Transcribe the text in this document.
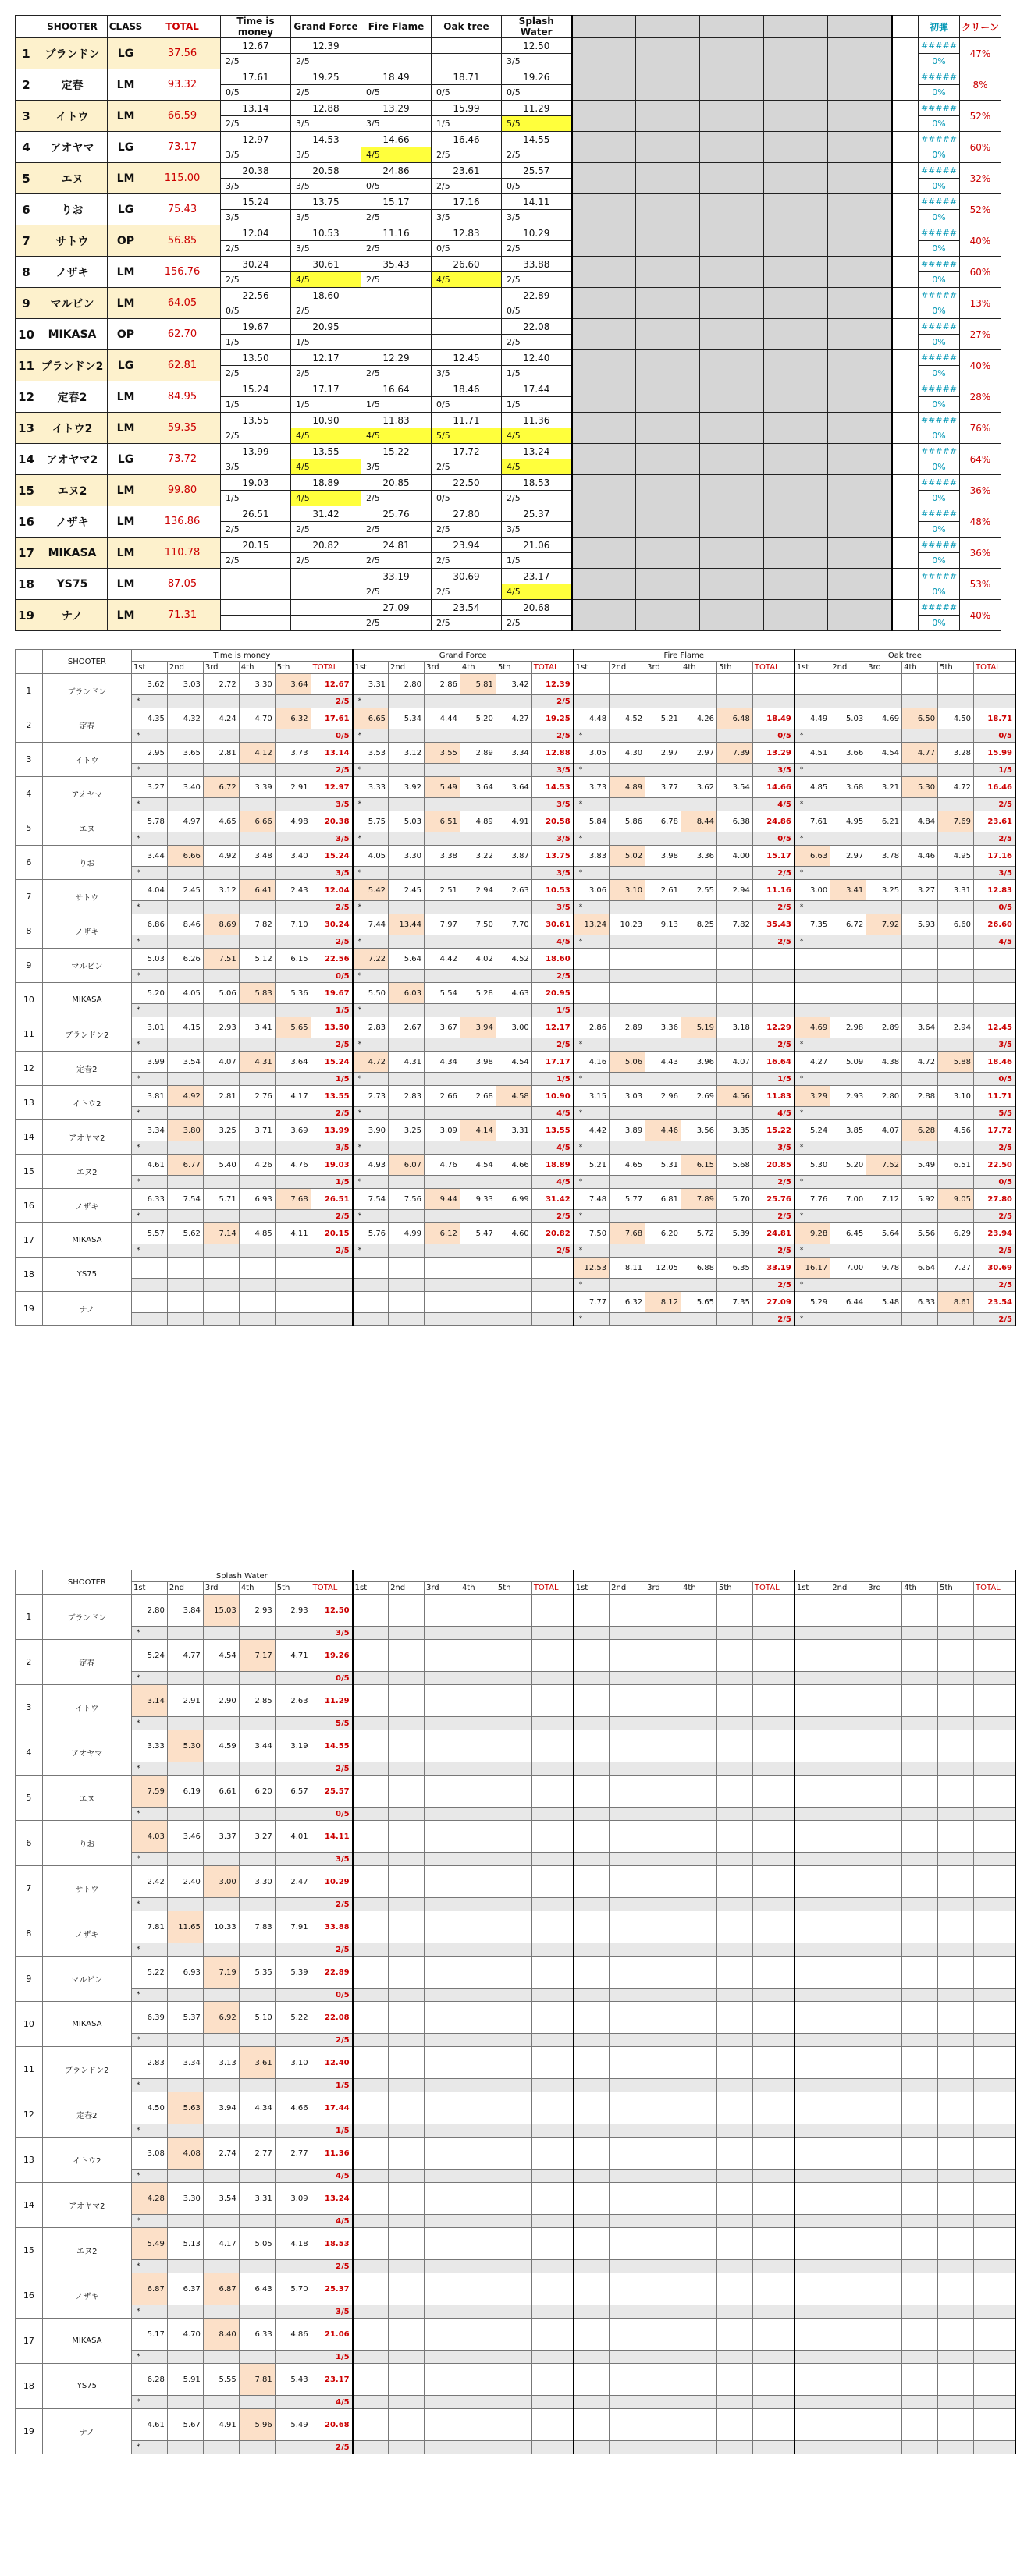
	SHOOTER	CLASS	TOTAL	Time is money	Grand Force	Fire Flame	Oak tree	Splash Water							初弾	クリーン
1	ブランドン	LG	37.56	12.67	12.39			12.50							#####	47%
				2/5	2/5			3/5							0%	
2	定春	LM	93.32	17.61	19.25	18.49	18.71	19.26							#####	8%
				0/5	2/5	0/5	0/5	0/5							0%	
3	イトウ	LM	66.59	13.14	12.88	13.29	15.99	11.29							#####	52%
				2/5	3/5	3/5	1/5	5/5							0%	
4	アオヤマ	LG	73.17	12.97	14.53	14.66	16.46	14.55							#####	60%
				3/5	3/5	4/5	2/5	2/5							0%	
5	エヌ	LM	115.00	20.38	20.58	24.86	23.61	25.57							#####	32%
				3/5	3/5	0/5	2/5	0/5							0%	
6	りお	LG	75.43	15.24	13.75	15.17	17.16	14.11							#####	52%
				3/5	3/5	2/5	3/5	3/5							0%	
7	サトウ	OP	56.85	12.04	10.53	11.16	12.83	10.29							#####	40%
				2/5	3/5	2/5	0/5	2/5							0%	
8	ノザキ	LM	156.76	30.24	30.61	35.43	26.60	33.88							#####	60%
				2/5	4/5	2/5	4/5	2/5							0%	
9	マルビン	LM	64.05	22.56	18.60			22.89							#####	13%
				0/5	2/5			0/5							0%	
10	MIKASA	OP	62.70	19.67	20.95			22.08							#####	27%
				1/5	1/5			2/5							0%	
11	ブランドン2	LG	62.81	13.50	12.17	12.29	12.45	12.40							#####	40%
				2/5	2/5	2/5	3/5	1/5							0%	
12	定春2	LM	84.95	15.24	17.17	16.64	18.46	17.44							#####	28%
				1/5	1/5	1/5	0/5	1/5							0%	
13	イトウ2	LM	59.35	13.55	10.90	11.83	11.71	11.36							#####	76%
				2/5	4/5	4/5	5/5	4/5							0%	
14	アオヤマ2	LG	73.72	13.99	13.55	15.22	17.72	13.24							#####	64%
				3/5	4/5	3/5	2/5	4/5							0%	
15	エヌ2	LM	99.80	19.03	18.89	20.85	22.50	18.53							#####	36%
				1/5	4/5	2/5	0/5	2/5							0%	
16	ノザキ	LM	136.86	26.51	31.42	25.76	27.80	25.37							#####	48%
				2/5	2/5	2/5	2/5	3/5							0%	
17	MIKASA	LM	110.78	20.15	20.82	24.81	23.94	21.06							#####	36%
				2/5	2/5	2/5	2/5	1/5							0%	
18	YS75	LM	87.05			33.19	30.69	23.17							#####	53%
						2/5	2/5	4/5							0%	
19	ナノ	LM	71.31			27.09	23.54	20.68							#####	40%
						2/5	2/5	2/5							0%	
	SHOOTER	Time is money						Grand Force						Fire Flame						Oak tree					
		1st	2nd	3rd	4th	5th	TOTAL	1st	2nd	3rd	4th	5th	TOTAL	1st	2nd	3rd	4th	5th	TOTAL	1st	2nd	3rd	4th	5th	TOTAL
1	ブランドン	3.62	3.03	2.72	3.30	3.64	12.67	3.31	2.80	2.86	5.81	3.42	12.39												
		*					2/5	*					2/5												
2	定春	4.35	4.32	4.24	4.70	6.32	17.61	6.65	5.34	4.44	5.20	4.27	19.25	4.48	4.52	5.21	4.26	6.48	18.49	4.49	5.03	4.69	6.50	4.50	18.71
		*					0/5	*					2/5	*					0/5	*					0/5
3	イトウ	2.95	3.65	2.81	4.12	3.73	13.14	3.53	3.12	3.55	2.89	3.34	12.88	3.05	4.30	2.97	2.97	7.39	13.29	4.51	3.66	4.54	4.77	3.28	15.99
		*					2/5	*					3/5	*					3/5	*					1/5
4	アオヤマ	3.27	3.40	6.72	3.39	2.91	12.97	3.33	3.92	5.49	3.64	3.64	14.53	3.73	4.89	3.77	3.62	3.54	14.66	4.85	3.68	3.21	5.30	4.72	16.46
		*					3/5	*					3/5	*					4/5	*					2/5
5	エヌ	5.78	4.97	4.65	6.66	4.98	20.38	5.75	5.03	6.51	4.89	4.91	20.58	5.84	5.86	6.78	8.44	6.38	24.86	7.61	4.95	6.21	4.84	7.69	23.61
		*					3/5	*					3/5	*					0/5	*					2/5
6	りお	3.44	6.66	4.92	3.48	3.40	15.24	4.05	3.30	3.38	3.22	3.87	13.75	3.83	5.02	3.98	3.36	4.00	15.17	6.63	2.97	3.78	4.46	4.95	17.16
		*					3/5	*					3/5	*					2/5	*					3/5
7	サトウ	4.04	2.45	3.12	6.41	2.43	12.04	5.42	2.45	2.51	2.94	2.63	10.53	3.06	3.10	2.61	2.55	2.94	11.16	3.00	3.41	3.25	3.27	3.31	12.83
		*					2/5	*					3/5	*					2/5	*					0/5
8	ノザキ	6.86	8.46	8.69	7.82	7.10	30.24	7.44	13.44	7.97	7.50	7.70	30.61	13.24	10.23	9.13	8.25	7.82	35.43	7.35	6.72	7.92	5.93	6.60	26.60
		*					2/5	*					4/5	*					2/5	*					4/5
9	マルビン	5.03	6.26	7.51	5.12	6.15	22.56	7.22	5.64	4.42	4.02	4.52	18.60												
		*					0/5	*					2/5												
10	MIKASA	5.20	4.05	5.06	5.83	5.36	19.67	5.50	6.03	5.54	5.28	4.63	20.95												
		*					1/5	*					1/5												
11	ブランドン2	3.01	4.15	2.93	3.41	5.65	13.50	2.83	2.67	3.67	3.94	3.00	12.17	2.86	2.89	3.36	5.19	3.18	12.29	4.69	2.98	2.89	3.64	2.94	12.45
		*					2/5	*					2/5	*					2/5	*					3/5
12	定春2	3.99	3.54	4.07	4.31	3.64	15.24	4.72	4.31	4.34	3.98	4.54	17.17	4.16	5.06	4.43	3.96	4.07	16.64	4.27	5.09	4.38	4.72	5.88	18.46
		*					1/5	*					1/5	*					1/5	*					0/5
13	イトウ2	3.81	4.92	2.81	2.76	4.17	13.55	2.73	2.83	2.66	2.68	4.58	10.90	3.15	3.03	2.96	2.69	4.56	11.83	3.29	2.93	2.80	2.88	3.10	11.71
		*					2/5	*					4/5	*					4/5	*					5/5
14	アオヤマ2	3.34	3.80	3.25	3.71	3.69	13.99	3.90	3.25	3.09	4.14	3.31	13.55	4.42	3.89	4.46	3.56	3.35	15.22	5.24	3.85	4.07	6.28	4.56	17.72
		*					3/5	*					4/5	*					3/5	*					2/5
15	エヌ2	4.61	6.77	5.40	4.26	4.76	19.03	4.93	6.07	4.76	4.54	4.66	18.89	5.21	4.65	5.31	6.15	5.68	20.85	5.30	5.20	7.52	5.49	6.51	22.50
		*					1/5	*					4/5	*					2/5	*					0/5
16	ノザキ	6.33	7.54	5.71	6.93	7.68	26.51	7.54	7.56	9.44	9.33	6.99	31.42	7.48	5.77	6.81	7.89	5.70	25.76	7.76	7.00	7.12	5.92	9.05	27.80
		*					2/5	*					2/5	*					2/5	*					2/5
17	MIKASA	5.57	5.62	7.14	4.85	4.11	20.15	5.76	4.99	6.12	5.47	4.60	20.82	7.50	7.68	6.20	5.72	5.39	24.81	9.28	6.45	5.64	5.56	6.29	23.94
		*					2/5	*					2/5	*					2/5	*					2/5
18	YS75													12.53	8.11	12.05	6.88	6.35	33.19	16.17	7.00	9.78	6.64	7.27	30.69
														*					2/5	*					2/5
19	ナノ													7.77	6.32	8.12	5.65	7.35	27.09	5.29	6.44	5.48	6.33	8.61	23.54
														*					2/5	*					2/5
	SHOOTER	Splash Water																							
		1st	2nd	3rd	4th	5th	TOTAL	1st	2nd	3rd	4th	5th	TOTAL	1st	2nd	3rd	4th	5th	TOTAL	1st	2nd	3rd	4th	5th	TOTAL
1	ブランドン	2.80	3.84	15.03	2.93	2.93	12.50																		
		*					3/5																		
2	定春	5.24	4.77	4.54	7.17	4.71	19.26																		
		*					0/5																		
3	イトウ	3.14	2.91	2.90	2.85	2.63	11.29																		
		*					5/5																		
4	アオヤマ	3.33	5.30	4.59	3.44	3.19	14.55																		
		*					2/5																		
5	エヌ	7.59	6.19	6.61	6.20	6.57	25.57																		
		*					0/5																		
6	りお	4.03	3.46	3.37	3.27	4.01	14.11																		
		*					3/5																		
7	サトウ	2.42	2.40	3.00	3.30	2.47	10.29																		
		*					2/5																		
8	ノザキ	7.81	11.65	10.33	7.83	7.91	33.88																		
		*					2/5																		
9	マルビン	5.22	6.93	7.19	5.35	5.39	22.89																		
		*					0/5																		
10	MIKASA	6.39	5.37	6.92	5.10	5.22	22.08																		
		*					2/5																		
11	ブランドン2	2.83	3.34	3.13	3.61	3.10	12.40																		
		*					1/5																		
12	定春2	4.50	5.63	3.94	4.34	4.66	17.44																		
		*					1/5																		
13	イトウ2	3.08	4.08	2.74	2.77	2.77	11.36																		
		*					4/5																		
14	アオヤマ2	4.28	3.30	3.54	3.31	3.09	13.24																		
		*					4/5																		
15	エヌ2	5.49	5.13	4.17	5.05	4.18	18.53																		
		*					2/5																		
16	ノザキ	6.87	6.37	6.87	6.43	5.70	25.37																		
		*					3/5																		
17	MIKASA	5.17	4.70	8.40	6.33	4.86	21.06																		
		*					1/5																		
18	YS75	6.28	5.91	5.55	7.81	5.43	23.17																		
		*					4/5																		
19	ナノ	4.61	5.67	4.91	5.96	5.49	20.68																		
		*					2/5																		
